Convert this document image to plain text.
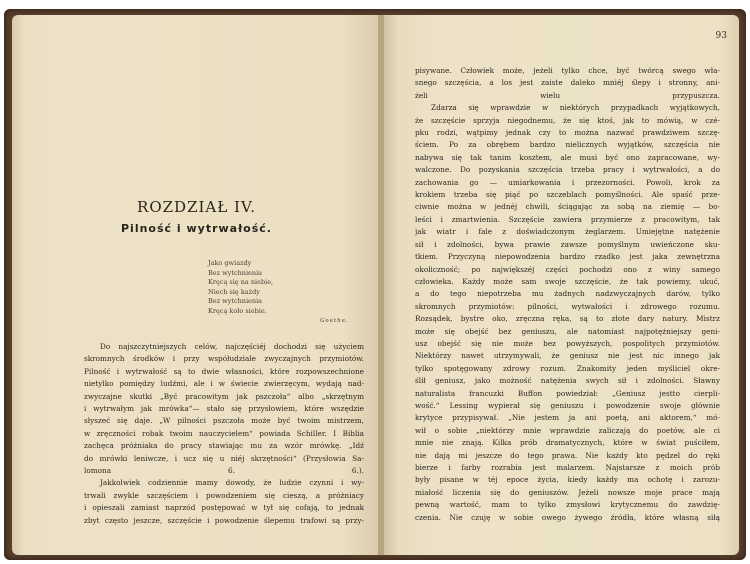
ROZDZIAŁ IV.
Pilność i wytrwałość.
Jako gwiazdy
Bez wytchnienia
Kręcą się na niebie,
Niech się każdy
Bez wytchnienia
Kręcą koło siebie.
Goethe.
Do najszczytniejszych celów, najczęściéj dochodzi się użyciem
skromnych środków i przy współudziale zwyczajnych przymiotów.
Pilność i wytrwałość są to dwie własności, które rozpowszechnione
nietylko pomiędzy ludźmi, ale i w świecie zwierzęcym, wydają nad-
zwyczajne skutki „Być pracowitym jak pszczoła“ albo „skrzętnym
i wytrwałym jak mrówka“— stało się przysłowiem, które wszędzie
słyszeć się daje. „W pilności pszczoła może być twoim mistrzem,
w zręczności robak twoim nauczycielem“ powiada Schiller. I Biblia
zachęca próżniaka do pracy stawiając mu za wzór mrówkę. „Idź
do mrówki leniwcze, i ucz się u niéj skrzętności“ (Przysłowia Sa-
lomona 6. 6.).
Jakkolwiek codziennie mamy dowody, że ludzie czynni i wy-
trwali zwykle szczęściem i powodzeniem się cieszą, a próżniacy
i opieszali zamiast naprzód postępować w tył się cofają, to jednak
zbyt często jeszcze, szczęście i powodzenie ślepemu trafowi są przy-
93
pisywane. Człowiek może, jeżeli tylko chce, być twórcą swego wła-
snego szczęścia, a los jest zaiste daleko mniéj ślepy i stronny, ani-
żeli wielu przypuszcza.
Zdarza się wprawdzie w niektórych przypadkach wyjątkowych,
że szczęście sprzyja niegodnemu, że się ktoś, jak to mówią, w czé-
pku rodzi, wątpimy jednak czy to można nazwać prawdziwem szczę-
ściem. Po za obrębem bardzo nielicznych wyjątków, szczęścia nie
nabywa się tak tanim kosztem, ale musi być ono zapracowane, wy-
walczone. Do pozyskania szczęścia trzeba pracy i wytrwałości, a do
zachowania go — umiarkowania i przezorności. Powoli, krok za
krokiem trzeba się piąć po szczeblach pomyślności. Ale spaść prze-
ciwnie można w jednéj chwili, ściągając za sobą na ziemię — bo-
leści i zmartwienia. Szczęście zawiera przymierze z pracowitym, tak
jak wiatr i fale z doświadczonym żeglarzem. Umiejętne natężenie
sił i zdolności, bywa prawie zawsze pomyślnym uwieńczone sku-
tkiem. Przyczyną niepowodzenia bardzo rzadko jest jaka zewnętrzna
okoliczność; po największéj części pochodzi ono z winy samego
człowieka. Każdy może sam swoje szczęście, że tak powiemy, ukuć,
a do tego niepotrzeba mu żadnych nadzwyczajnych darów, tylko
skromnych przymiotów: pilności, wytwałości i zdrowego rozumu.
Rozsądek, bystre oko, zręczna ręka, są to złote dary natury. Mistrz
może się obejść bez geniuszu, ale natomiast najpotężniejszy geni-
usz obejść się nie może bez powyższych, pospolitych przymiotów.
Niektórzy nawet utrzymywali, że geniusz nie jest nic innego jak
tylko spotęgowany zdrowy rozum. Znakomity jeden myśliciel okre-
ślił geniusz, jako możność natężenia swych sił i zdolności. Sławny
naturalista francuzki Buffon powiedział: „Geniusz jestto cierpli-
wość.“ Lessing wypierał się geniuszu i powodzenie swoje głównie
krytyce przypisywał. „Nie jestem ja ani poetą, ani aktorem,“ mó-
wił o sobie „niektórzy mnie wprawdzie zaliczają do poetów, ale ci
mnie nie znają. Kilka prób dramatycznych, które w świat puściłem,
nie dają mi jeszcze do tego prawa. Nie każdy kto pędzel do ręki
bierze i farby rozrabia jest malarzem. Najstarsze z moich prób
były pisane w téj epoce życia, kiedy każdy ma ochotę i zarozu-
miałość liczenia się do geniuszów. Jeżeli nowsze moje prace mają
pewną wartość, mam to tylko zmysłowi krytycznemu do zawdzię-
czenia. Nie czuję w sobie owego żywego źródła, które własną siłą
